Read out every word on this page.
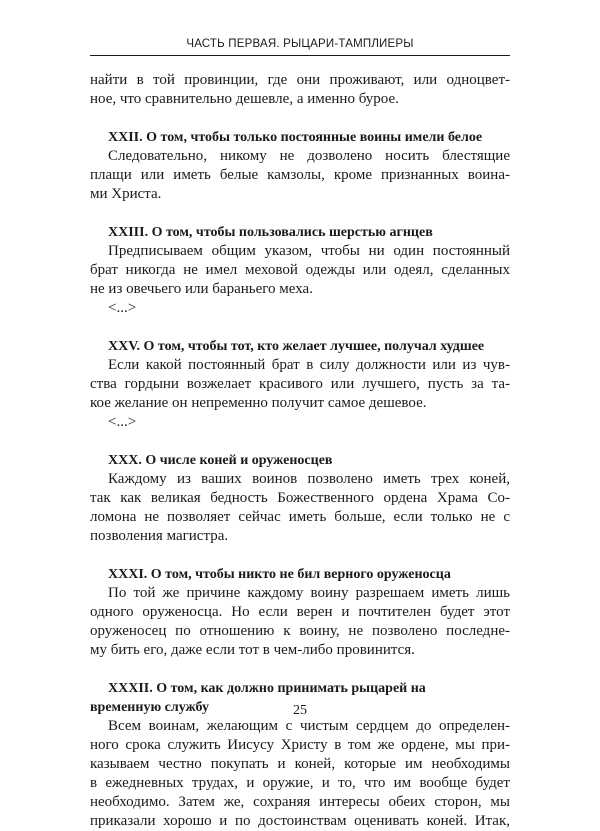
ЧАСТЬ ПЕРВАЯ. РЫЦАРИ-ТАМПЛИЕРЫ
найти в той провинции, где они проживают, или одноцвет-
ное, что сравнительно дешевле, а именно бурое.
XXII. О том, чтобы только постоянные воины имели белое
Следовательно, никому не дозволено носить блестящие
плащи или иметь белые камзолы, кроме признанных воина-
ми Христа.
XXIII. О том, чтобы пользовались шерстью агнцев
Предписываем общим указом, чтобы ни один постоянный
брат никогда не имел меховой одежды или одеял, сделанных
не из овечьего или бараньего меха.
<...>
XXV. О том, чтобы тот, кто желает лучшее, получал худшее
Если какой постоянный брат в силу должности или из чув-
ства гордыни возжелает красивого или лучшего, пусть за та-
кое желание он непременно получит самое дешевое.
<...>
XXX. О числе коней и оруженосцев
Каждому из ваших воинов позволено иметь трех коней,
так как великая бедность Божественного ордена Храма Со-
ломона не позволяет сейчас иметь больше, если только не с
позволения магистра.
XXXI. О том, чтобы никто не бил верного оруженосца
По той же причине каждому воину разрешаем иметь лишь
одного оруженосца. Но если верен и почтителен будет этот
оруженосец по отношению к воину, не позволено последне-
му бить его, даже если тот в чем-либо провинится.
XXXII. О том, как должно принимать рыцарей на
временную службу
Всем воинам, желающим с чистым сердцем до определен-
ного срока служить Иисусу Христу в том же ордене, мы при-
казываем честно покупать и коней, которые им необходимы
в ежедневных трудах, и оружие, и то, что им вообще будет
необходимо. Затем же, сохраняя интересы обеих сторон, мы
приказали хорошо и по достоинствам оценивать коней. Итак,
25
